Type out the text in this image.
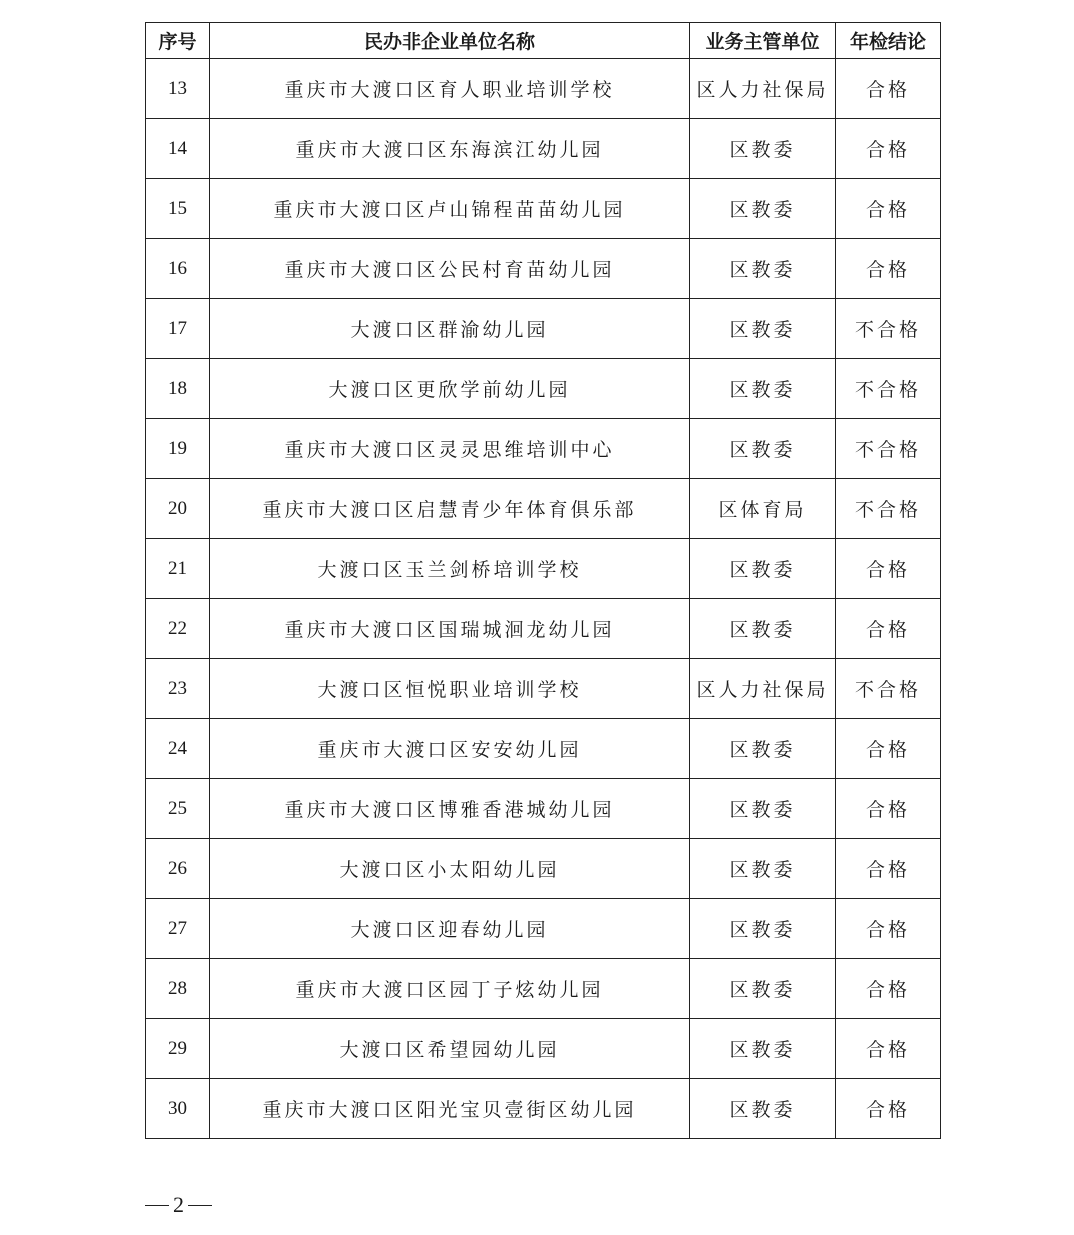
序号	民办非企业单位名称	业务主管单位	年检结论
13	重庆市大渡口区育人职业培训学校	区人力社保局	合格
14	重庆市大渡口区东海滨江幼儿园	区教委	合格
15	重庆市大渡口区卢山锦程苗苗幼儿园	区教委	合格
16	重庆市大渡口区公民村育苗幼儿园	区教委	合格
17	大渡口区群渝幼儿园	区教委	不合格
18	大渡口区更欣学前幼儿园	区教委	不合格
19	重庆市大渡口区灵灵思维培训中心	区教委	不合格
20	重庆市大渡口区启慧青少年体育俱乐部	区体育局	不合格
21	大渡口区玉兰剑桥培训学校	区教委	合格
22	重庆市大渡口区国瑞城洄龙幼儿园	区教委	合格
23	大渡口区恒悦职业培训学校	区人力社保局	不合格
24	重庆市大渡口区安安幼儿园	区教委	合格
25	重庆市大渡口区博雅香港城幼儿园	区教委	合格
26	大渡口区小太阳幼儿园	区教委	合格
27	大渡口区迎春幼儿园	区教委	合格
28	重庆市大渡口区园丁子炫幼儿园	区教委	合格
29	大渡口区希望园幼儿园	区教委	合格
30	重庆市大渡口区阳光宝贝壹街区幼儿园	区教委	合格
2
